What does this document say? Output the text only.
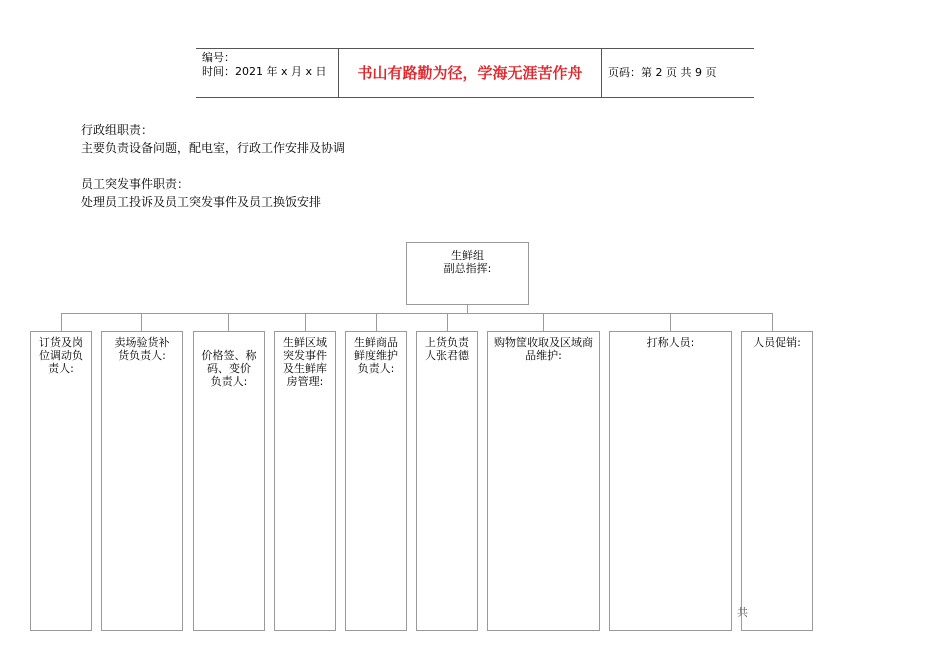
编号：
时间：2021 年 x 月 x 日	书山有路勤为径，学海无涯苦作舟	页码：第 2 页 共 9 页
行政组职责：
主要负责设备问题，配电室，行政工作安排及协调
员工突发事件职责：
处理员工投诉及员工突发事件及员工换饭安排
生鲜组
副总指挥:
订货及岗位调动负责人:
卖场验货补货负责人:	价格签、称码、变价
负责人:

生鲜区域突发事件及生鲜库房管理:
生鲜商品鲜度维护负责人:
上货负责人张君德
购物筐收取及区域商品维护:
打称人员:	人员促销:
共
